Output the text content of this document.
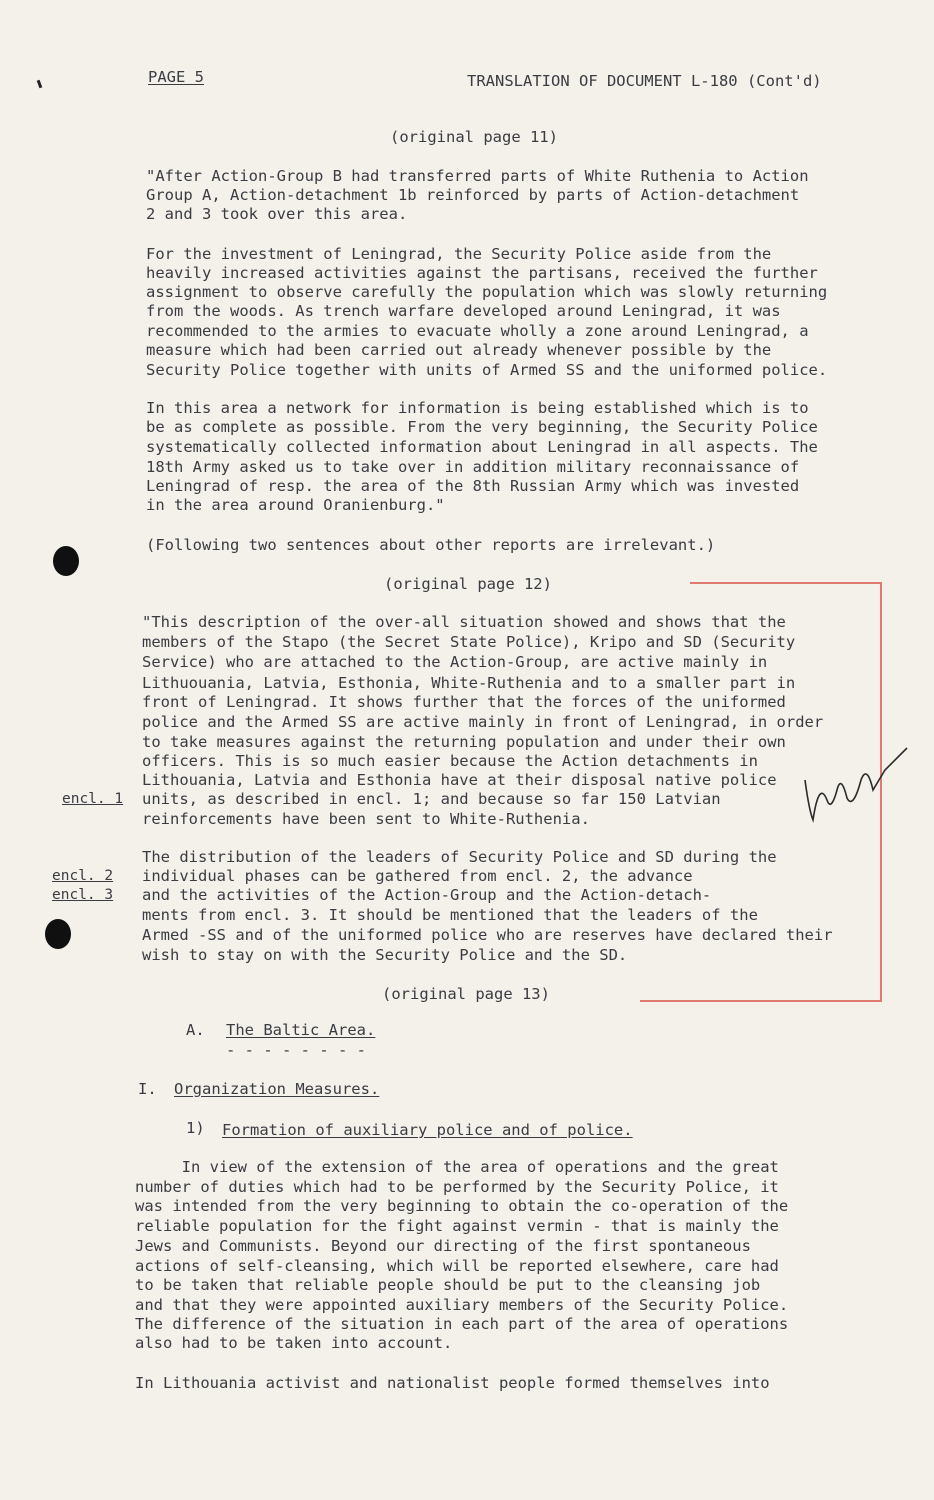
PAGE 5	TRANSLATION OF DOCUMENT L-180 (Cont'd)
(original page 11)
"After Action-Group B had transferred parts of White Ruthenia to Action
Group A, Action-detachment 1b reinforced by parts of Action-detachment
2 and 3 took over this area.
For the investment of Leningrad, the Security Police aside from the
heavily increased activities against the partisans, received the further
assignment to observe carefully the population which was slowly returning
from the woods. As trench warfare developed around Leningrad, it was
recommended to the armies to evacuate wholly a zone around Leningrad, a
measure which had been carried out already whenever possible by the
Security Police together with units of Armed SS and the uniformed police.
In this area a network for information is being established which is to
be as complete as possible. From the very beginning, the Security Police
systematically collected information about Leningrad in all aspects. The
18th Army asked us to take over in addition military reconnaissance of
Leningrad of resp. the area of the 8th Russian Army which was invested
in the area around Oranienburg."
(Following two sentences about other reports are irrelevant.)
(original page 12)
"This description of the over-all situation showed and shows that the
members of the Stapo (the Secret State Police), Kripo and SD (Security
Service) who are attached to the Action-Group, are active mainly in
Lithuouania, Latvia, Esthonia, White-Ruthenia and to a smaller part in
front of Leningrad. It shows further that the forces of the uniformed
police and the Armed SS are active mainly in front of Leningrad, in order
to take measures against the returning population and under their own
officers. This is so much easier because the Action detachments in
Lithouania, Latvia and Esthonia have at their disposal native police
units, as described in encl. 1; and because so far 150 Latvian
reinforcements have been sent to White-Ruthenia.
encl. 1
The distribution of the leaders of Security Police and SD during the
individual phases can be gathered from encl. 2, the advance
and the activities of the Action-Group and the Action-detach-
ments from encl. 3. It should be mentioned that the leaders of the
Armed -SS and of the uniformed police who are reserves have declared their
wish to stay on with the Security Police and the SD.
encl. 2
encl. 3
(original page 13)
A. The Baltic Area.
- - - - - - - -
I. Organization Measures.
1) Formation of auxiliary police and of police.
In view of the extension of the area of operations and the great
number of duties which had to be performed by the Security Police, it
was intended from the very beginning to obtain the co-operation of the
reliable population for the fight against vermin - that is mainly the
Jews and Communists. Beyond our directing of the first spontaneous
actions of self-cleansing, which will be reported elsewhere, care had
to be taken that reliable people should be put to the cleansing job
and that they were appointed auxiliary members of the Security Police.
The difference of the situation in each part of the area of operations
also had to be taken into account.
In Lithouania activist and nationalist people formed themselves into
